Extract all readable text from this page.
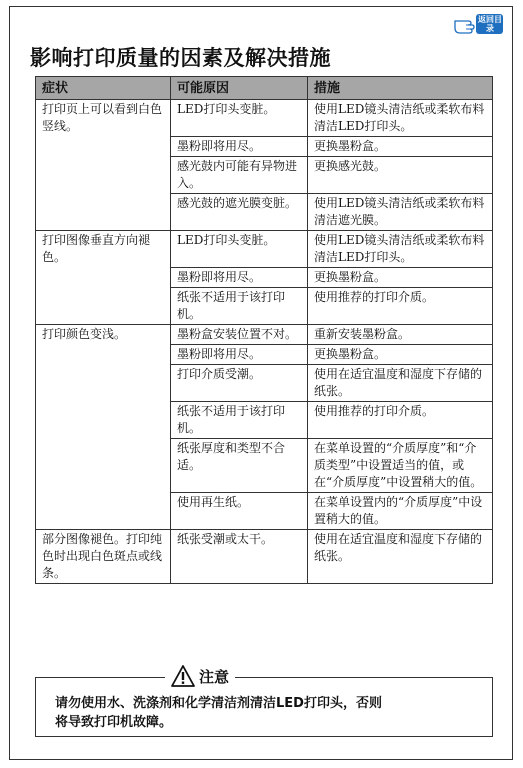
返回目录
影响打印质量的因素及解决措施
症状	可能原因	措施
打印页上可以看到白色竖线。	LED打印头变脏。	使用LED镜头清洁纸或柔软布料清洁LED打印头。
	墨粉即将用尽。	更换墨粉盒。
	感光鼓内可能有异物进入。	更换感光鼓。
	感光鼓的遮光膜变脏。	使用LED镜头清洁纸或柔软布料清洁遮光膜。
打印图像垂直方向褪色。	LED打印头变脏。	使用LED镜头清洁纸或柔软布料清洁LED打印头。
	墨粉即将用尽。	更换墨粉盒。
	纸张不适用于该打印机。	使用推荐的打印介质。
打印颜色变浅。	墨粉盒安装位置不对。	重新安装墨粉盒。
	墨粉即将用尽。	更换墨粉盒。
	打印介质受潮。	使用在适宜温度和湿度下存储的纸张。
	纸张不适用于该打印机。	使用推荐的打印介质。
	纸张厚度和类型不合适。	在菜单设置的“介质厚度”和“介质类型”中设置适当的值，或在“介质厚度”中设置稍大的值。
	使用再生纸。	在菜单设置内的“介质厚度”中设置稍大的值。
部分图像褪色。打印纯色时出现白色斑点或线条。	纸张受潮或太干。	使用在适宜温度和湿度下存储的纸张。
注意

请勿使用水、洗涤剂和化学清洁剂清洁LED打印头，否则
将导致打印机故障。
